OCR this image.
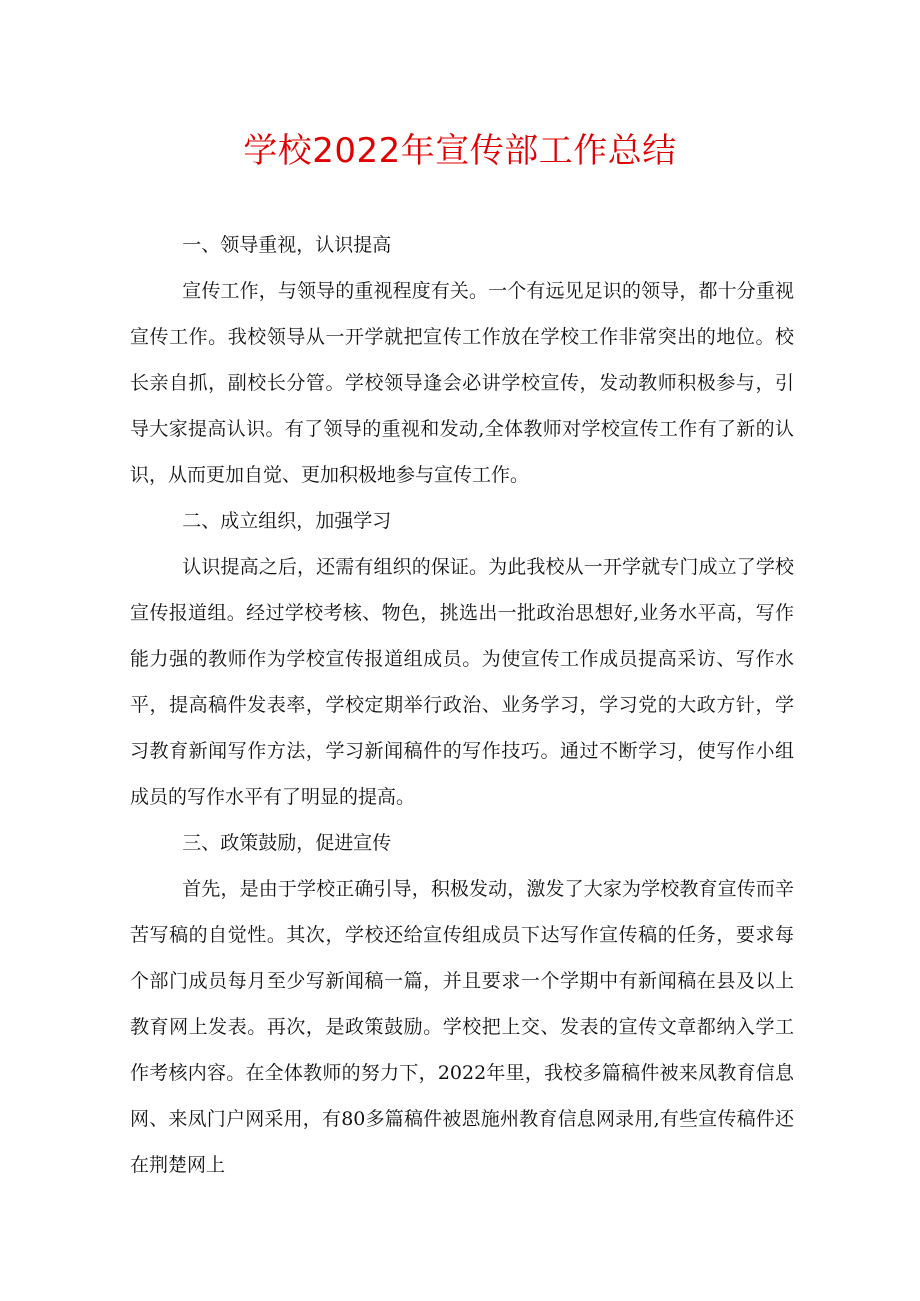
学校2022年宣传部工作总结

一、领导重视，认识提高

宣传工作，与领导的重视程度有关。一个有远见足识的领导，都十分重视宣传工作。我校领导从一开学就把宣传工作放在学校工作非常突出的地位。校长亲自抓，副校长分管。学校领导逢会必讲学校宣传，发动教师积极参与，引导大家提高认识。有了领导的重视和发动,全体教师对学校宣传工作有了新的认识，从而更加自觉、更加积极地参与宣传工作。

二、成立组织，加强学习

认识提高之后，还需有组织的保证。为此我校从一开学就专门成立了学校宣传报道组。经过学校考核、物色，挑选出一批政治思想好,业务水平高，写作能力强的教师作为学校宣传报道组成员。为使宣传工作成员提高采访、写作水平，提高稿件发表率，学校定期举行政治、业务学习，学习党的大政方针，学习教育新闻写作方法，学习新闻稿件的写作技巧。通过不断学习，使写作小组成员的写作水平有了明显的提高。

三、政策鼓励，促进宣传

首先，是由于学校正确引导，积极发动，激发了大家为学校教育宣传而辛苦写稿的自觉性。其次，学校还给宣传组成员下达写作宣传稿的任务，要求每个部门成员每月至少写新闻稿一篇，并且要求一个学期中有新闻稿在县及以上教育网上发表。再次，是政策鼓励。学校把上交、发表的宣传文章都纳入学工作考核内容。在全体教师的努力下，2022年里，我校多篇稿件被来凤教育信息网、来凤门户网采用，有80多篇稿件被恩施州教育信息网录用,有些宣传稿件还在荆楚网上
